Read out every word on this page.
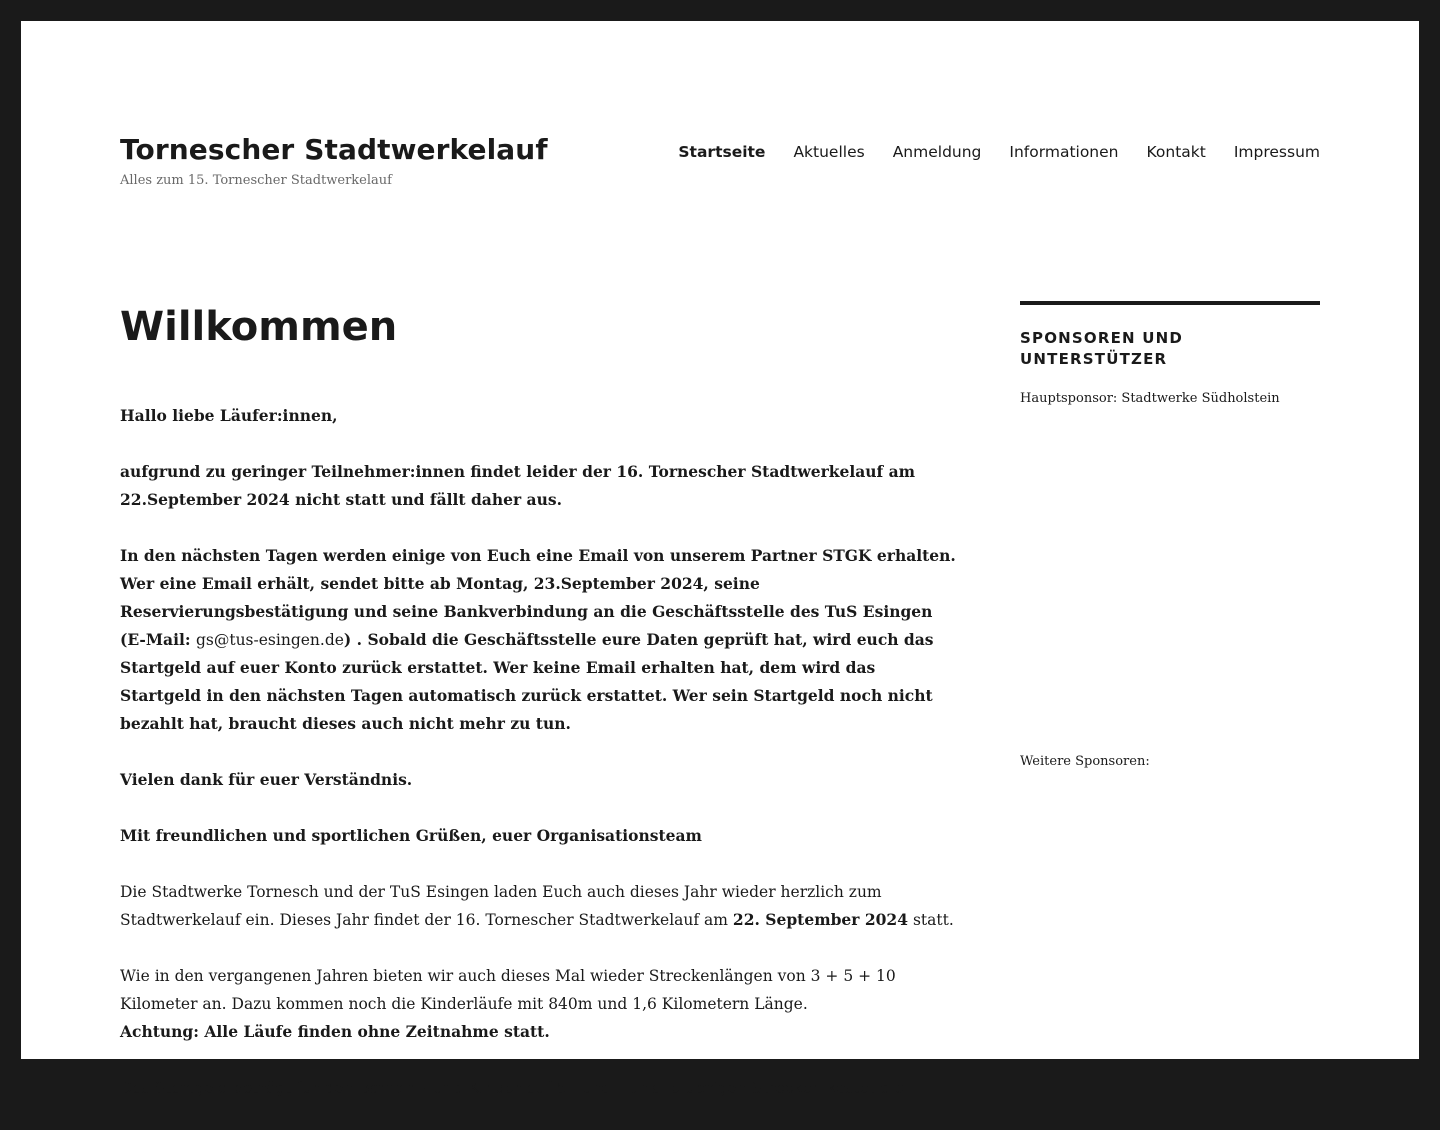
Tornescher Stadtwerkelauf

Alles zum 15. Tornescher Stadtwerkelauf

Startseite Aktuelles Anmeldung Informationen Kontakt Impressum
Willkommen

Hallo liebe Läufer:innen,

aufgrund zu geringer Teilnehmer:innen findet leider der 16. Tornescher Stadtwerkelauf am 22.September 2024 nicht statt und fällt daher aus.

In den nächsten Tagen werden einige von Euch eine Email von unserem Partner STGK erhalten. Wer eine Email erhält, sendet bitte ab Montag, 23.September 2024, seine Reservierungsbestätigung und seine Bankverbindung an die Geschäftsstelle des TuS Esingen (E-Mail: gs@tus-esingen.de) . Sobald die Geschäftsstelle eure Daten geprüft hat, wird euch das Startgeld auf euer Konto zurück erstattet. Wer keine Email erhalten hat, dem wird das Startgeld in den nächsten Tagen automatisch zurück erstattet. Wer sein Startgeld noch nicht bezahlt hat, braucht dieses auch nicht mehr zu tun.

Vielen dank für euer Verständnis.

Mit freundlichen und sportlichen Grüßen, euer Organisationsteam

Die Stadtwerke Tornesch und der TuS Esingen laden Euch auch dieses Jahr wieder herzlich zum Stadtwerkelauf ein. Dieses Jahr findet der 16. Tornescher Stadtwerkelauf am 22. September 2024 statt.

Wie in den vergangenen Jahren bieten wir auch dieses Mal wieder Streckenlängen von 3 + 5 + 10 Kilometer an. Dazu kommen noch die Kinderläufe mit 840m und 1,6 Kilometern Länge.
Achtung: Alle Läufe finden ohne Zeitnahme statt.

Das Startgeld beträgt für den Bambini- und Kinderlauf 5 Euro. Für alle übrigen Strecken kostet die

SPONSOREN UND UNTERSTÜTZER

Hauptsponsor: Stadtwerke Südholstein

Weitere Sponsoren:
